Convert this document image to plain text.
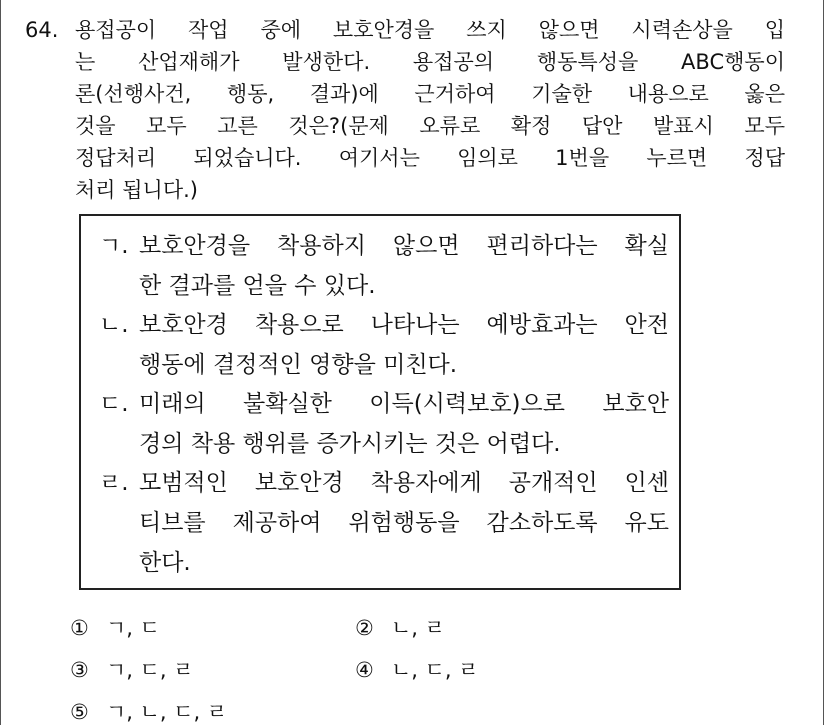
64. 용접공이 작업 중에 보호안경을 쓰지 않으면 시력손상을 입
는 산업재해가 발생한다. 용접공의 행동특성을 ABC행동이
론(선행사건, 행동, 결과)에 근거하여 기술한 내용으로 옳은
것을 모두 고른 것은?(문제 오류로 확정 답안 발표시 모두
정답처리 되었습니다. 여기서는 임의로 1번을 누르면 정답
처리 됩니다.)
ㄱ. 보호안경을 착용하지 않으면 편리하다는 확실
한 결과를 얻을 수 있다.
ㄴ. 보호안경 착용으로 나타나는 예방효과는 안전
행동에 결정적인 영향을 미친다.
ㄷ. 미래의 불확실한 이득(시력보호)으로 보호안
경의 착용 행위를 증가시키는 것은 어렵다.
ㄹ. 모범적인 보호안경 착용자에게 공개적인 인센
티브를 제공하여 위험행동을 감소하도록 유도
한다.
① ㄱ, ㄷ	② ㄴ, ㄹ
③ ㄱ, ㄷ, ㄹ	④ ㄴ, ㄷ, ㄹ
⑤ ㄱ, ㄴ, ㄷ, ㄹ
